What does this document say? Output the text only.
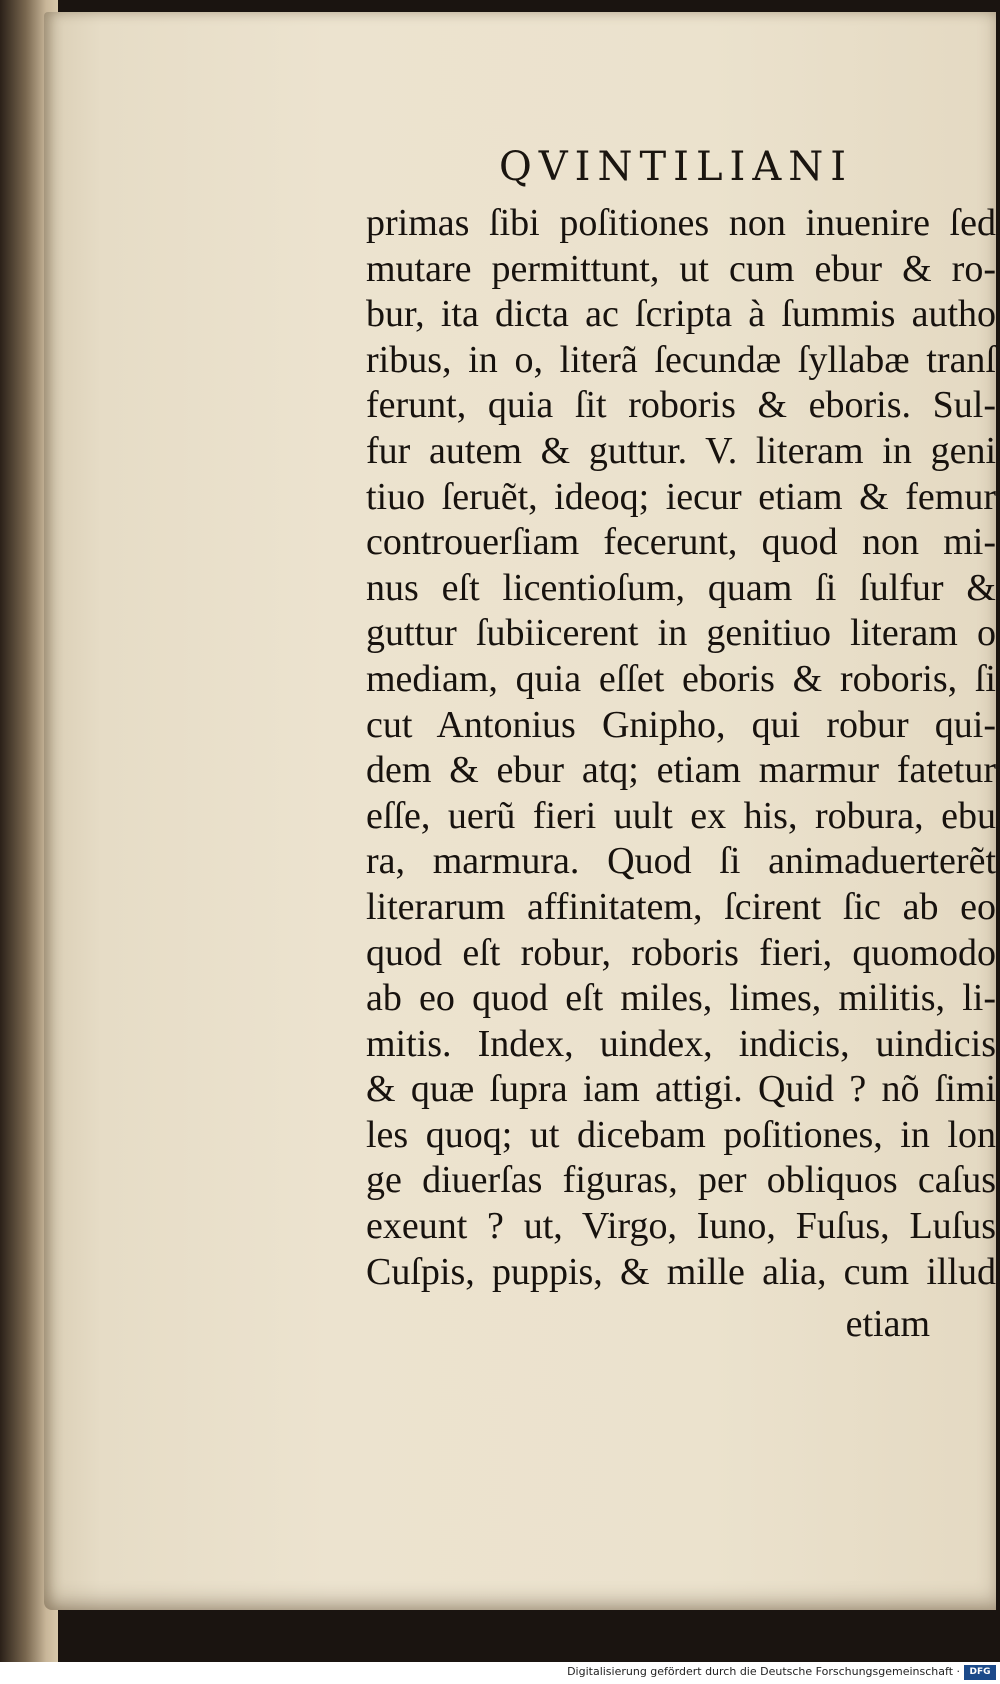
QVINTILIANI
primas ſibi poſitiones non inuenire ſed
mutare permittunt, ut cum ebur & ro-
bur, ita dicta ac ſcripta à ſummis autho
ribus, in o, literã ſecundæ ſyllabæ tranſ
ferunt, quia ſit roboris & eboris. Sul-
fur autem & guttur. V. literam in geni
tiuo ſeruẽt, ideoq; iecur etiam & femur
controuerſiam fecerunt, quod non mi-
nus eſt licentioſum, quam ſi ſulfur &
guttur ſubiicerent in genitiuo literam o
mediam, quia eſſet eboris & roboris, ſi
cut Antonius Gnipho, qui robur qui-
dem & ebur atq; etiam marmur fatetur
eſſe, uerũ fieri uult ex his, robura, ebu
ra, marmura. Quod ſi animaduerterẽt
literarum affinitatem, ſcirent ſic ab eo
quod eſt robur, roboris fieri, quomodo
ab eo quod eſt miles, limes, militis, li-
mitis. Index, uindex, indicis, uindicis
& quæ ſupra iam attigi. Quid ? nõ ſimi
les quoq; ut dicebam poſitiones, in lon
ge diuerſas figuras, per obliquos caſus
exeunt ? ut, Virgo, Iuno, Fuſus, Luſus
Cuſpis, puppis, & mille alia, cum illud
etiam
Digitalisierung gefördert durch die Deutsche Forschungsgemeinschaft ·	DFG
